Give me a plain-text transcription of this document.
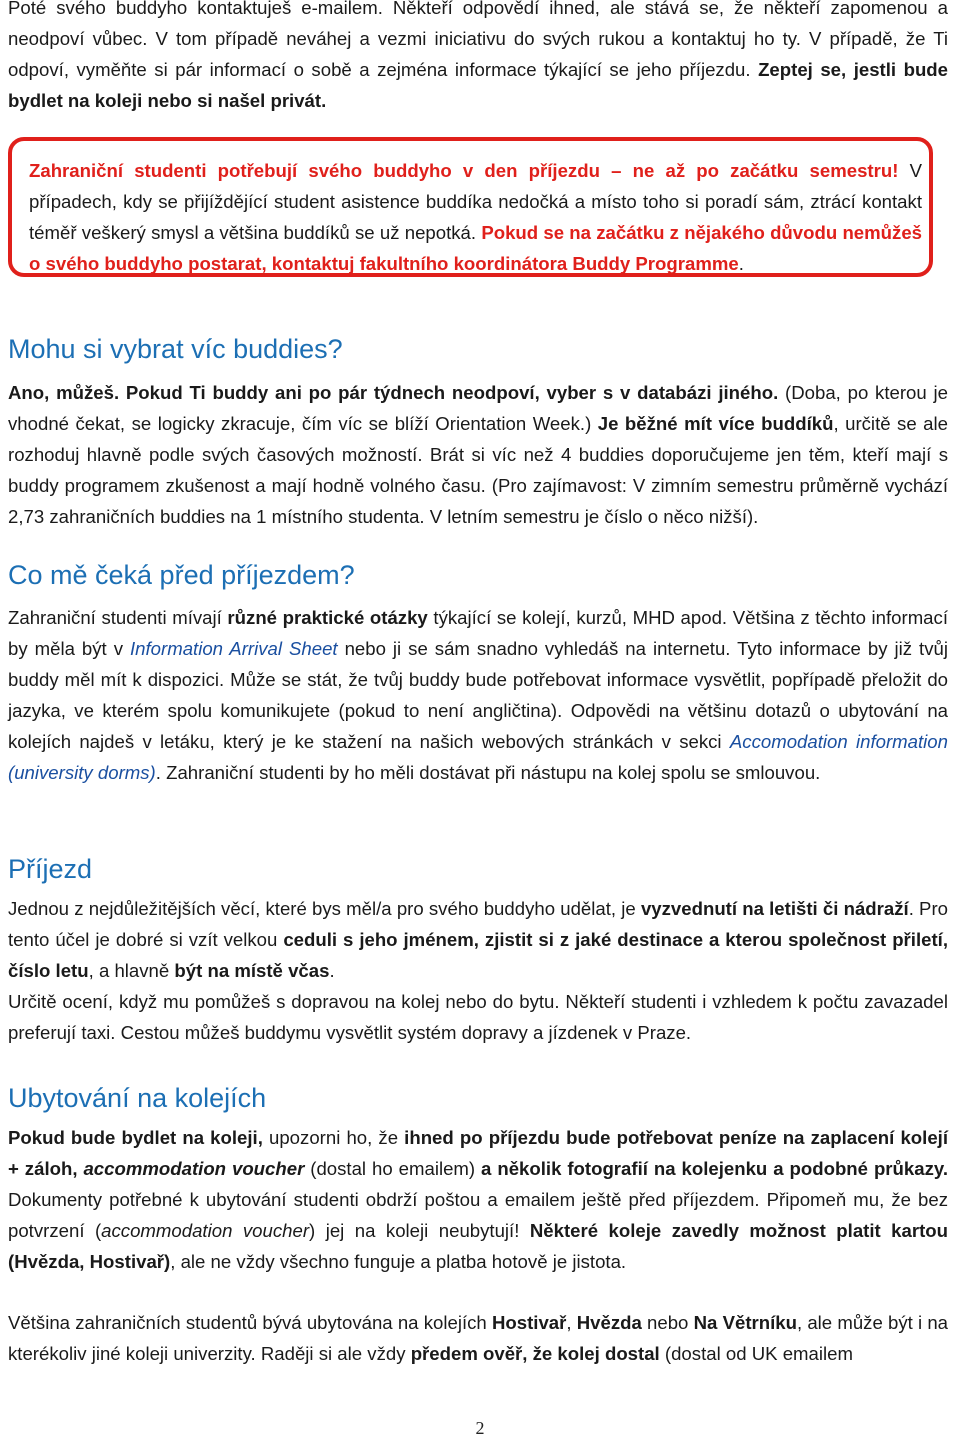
Poté svého buddyho kontaktuješ e-mailem. Někteří odpovědí ihned, ale stává se, že někteří zapomenou a neodpoví vůbec. V tom případě neváhej a vezmi iniciativu do svých rukou a kontaktuj ho ty. V případě, že Ti odpoví, vyměňte si pár informací o sobě a zejména informace týkající se jeho příjezdu. Zeptej se, jestli bude bydlet na koleji nebo si našel privát.

Zahraniční studenti potřebují svého buddyho v den příjezdu – ne až po začátku semestru! V případech, kdy se přijíždějící student asistence buddíka nedočká a místo toho si poradí sám, ztrácí kontakt téměř veškerý smysl a většina buddíků se už nepotká. Pokud se na začátku z nějakého důvodu nemůžeš o svého buddyho postarat, kontaktuj fakultního koordinátora Buddy Programme.
Mohu si vybrat víc buddies?

Ano, můžeš. Pokud Ti buddy ani po pár týdnech neodpoví, vyber s v databázi jiného. (Doba, po kterou je vhodné čekat, se logicky zkracuje, čím víc se blíží Orientation Week.) Je běžné mít více buddíků, určitě se ale rozhoduj hlavně podle svých časových možností. Brát si víc než 4 buddies doporučujeme jen těm, kteří mají s buddy programem zkušenost a mají hodně volného času. (Pro zajímavost: V zimním semestru průměrně vychází 2,73 zahraničních buddies na 1 místního studenta. V letním semestru je číslo o něco nižší).

Co mě čeká před příjezdem?

Zahraniční studenti mívají různé praktické otázky týkající se kolejí, kurzů, MHD apod. Většina z těchto informací by měla být v Information Arrival Sheet nebo ji se sám snadno vyhledáš na internetu. Tyto informace by již tvůj buddy měl mít k dispozici. Může se stát, že tvůj buddy bude potřebovat informace vysvětlit, popřípadě přeložit do jazyka, ve kterém spolu komunikujete (pokud to není angličtina). Odpovědi na většinu dotazů o ubytování na kolejích najdeš v letáku, který je ke stažení na našich webových stránkách v sekci Accomodation information (university dorms). Zahraniční studenti by ho měli dostávat při nástupu na kolej spolu se smlouvou.

Příjezd

Jednou z nejdůležitějších věcí, které bys měl/a pro svého buddyho udělat, je vyzvednutí na letišti či nádraží. Pro tento účel je dobré si vzít velkou ceduli s jeho jménem, zjistit si z jaké destinace a kterou společnost přiletí, číslo letu, a hlavně být na místě včas.

Určitě ocení, když mu pomůžeš s dopravou na kolej nebo do bytu. Někteří studenti i vzhledem k počtu zavazadel preferují taxi. Cestou můžeš buddymu vysvětlit systém dopravy a jízdenek v Praze.

Ubytování na kolejích

Pokud bude bydlet na koleji, upozorni ho, že ihned po příjezdu bude potřebovat peníze na zaplacení kolejí + záloh, accommodation voucher (dostal ho emailem) a několik fotografií na kolejenku a podobné průkazy. Dokumenty potřebné k ubytování studenti obdrží poštou a emailem ještě před příjezdem. Připomeň mu, že bez potvrzení (accommodation voucher) jej na koleji neubytují! Některé koleje zavedly možnost platit kartou (Hvězda, Hostivař), ale ne vždy všechno funguje a platba hotově je jistota.

Většina zahraničních studentů bývá ubytována na kolejích Hostivař, Hvězda nebo Na Větrníku, ale může být i na kterékoliv jiné koleji univerzity. Raději si ale vždy předem ověř, že kolej dostal (dostal od UK emailem

2
